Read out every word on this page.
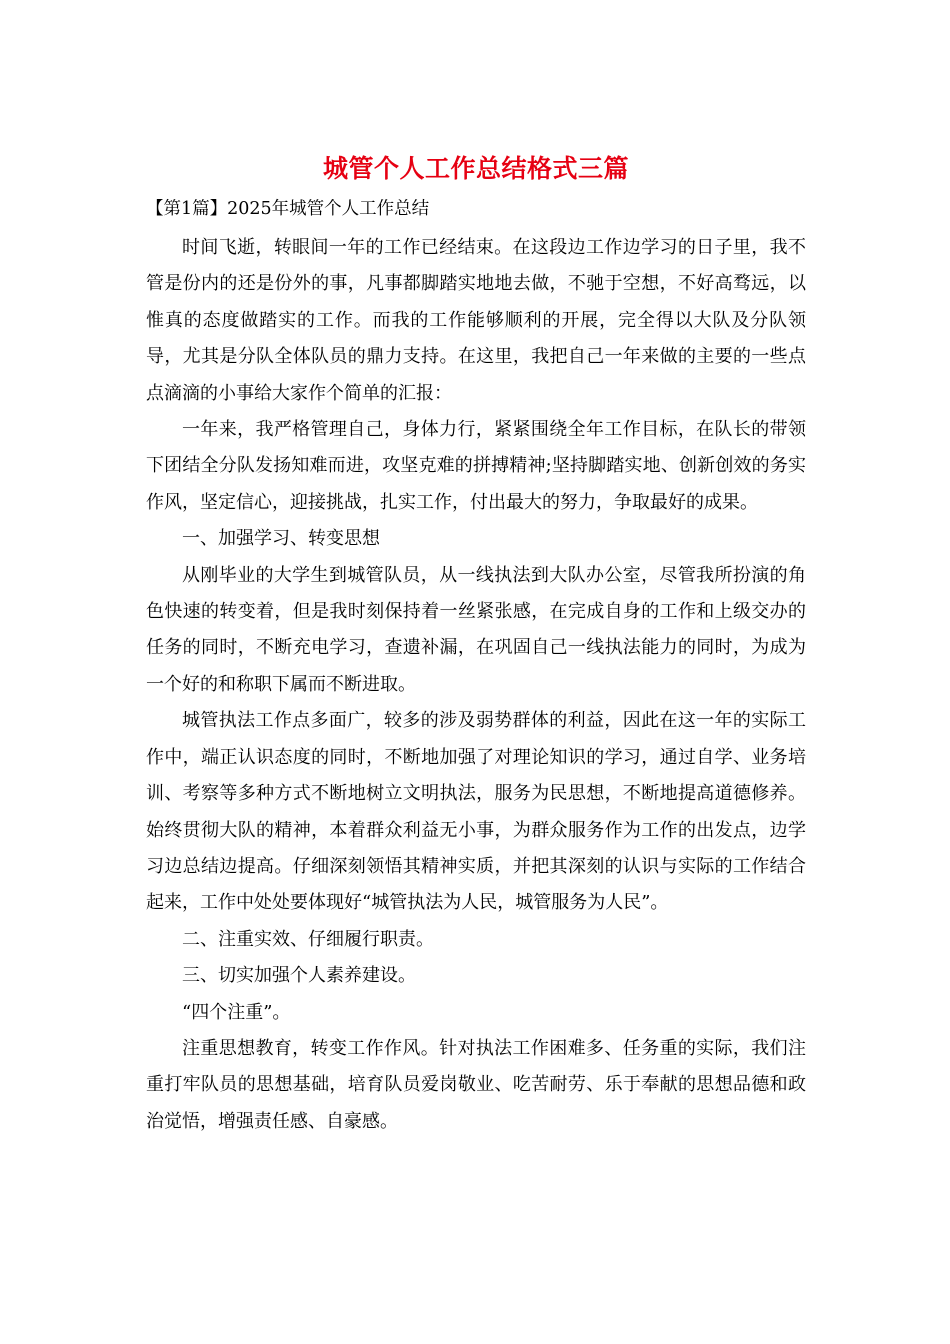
城管个人工作总结格式三篇
【第1篇】2025年城管个人工作总结

时间飞逝，转眼间一年的工作已经结束。在这段边工作边学习的日子里，我不管是份内的还是份外的事，凡事都脚踏实地地去做，不驰于空想，不好高骛远，以惟真的态度做踏实的工作。而我的工作能够顺利的开展，完全得以大队及分队领导，尤其是分队全体队员的鼎力支持。在这里，我把自己一年来做的主要的一些点点滴滴的小事给大家作个简单的汇报：

一年来，我严格管理自己，身体力行，紧紧围绕全年工作目标，在队长的带领下团结全分队发扬知难而进，攻坚克难的拼搏精神;坚持脚踏实地、创新创效的务实作风，坚定信心，迎接挑战，扎实工作，付出最大的努力，争取最好的成果。

一、加强学习、转变思想

从刚毕业的大学生到城管队员，从一线执法到大队办公室，尽管我所扮演的角色快速的转变着，但是我时刻保持着一丝紧张感，在完成自身的工作和上级交办的任务的同时，不断充电学习，查遗补漏，在巩固自己一线执法能力的同时，为成为一个好的和称职下属而不断进取。

城管执法工作点多面广，较多的涉及弱势群体的利益，因此在这一年的实际工作中，端正认识态度的同时，不断地加强了对理论知识的学习，通过自学、业务培训、考察等多种方式不断地树立文明执法，服务为民思想，不断地提高道德修养。始终贯彻大队的精神，本着群众利益无小事，为群众服务作为工作的出发点，边学习边总结边提高。仔细深刻领悟其精神实质，并把其深刻的认识与实际的工作结合起来，工作中处处要体现好“城管执法为人民，城管服务为人民”。

二、注重实效、仔细履行职责。

三、切实加强个人素养建设。

“四个注重”。

注重思想教育，转变工作作风。针对执法工作困难多、任务重的实际，我们注重打牢队员的思想基础，培育队员爱岗敬业、吃苦耐劳、乐于奉献的思想品德和政治觉悟，增强责任感、自豪感。
